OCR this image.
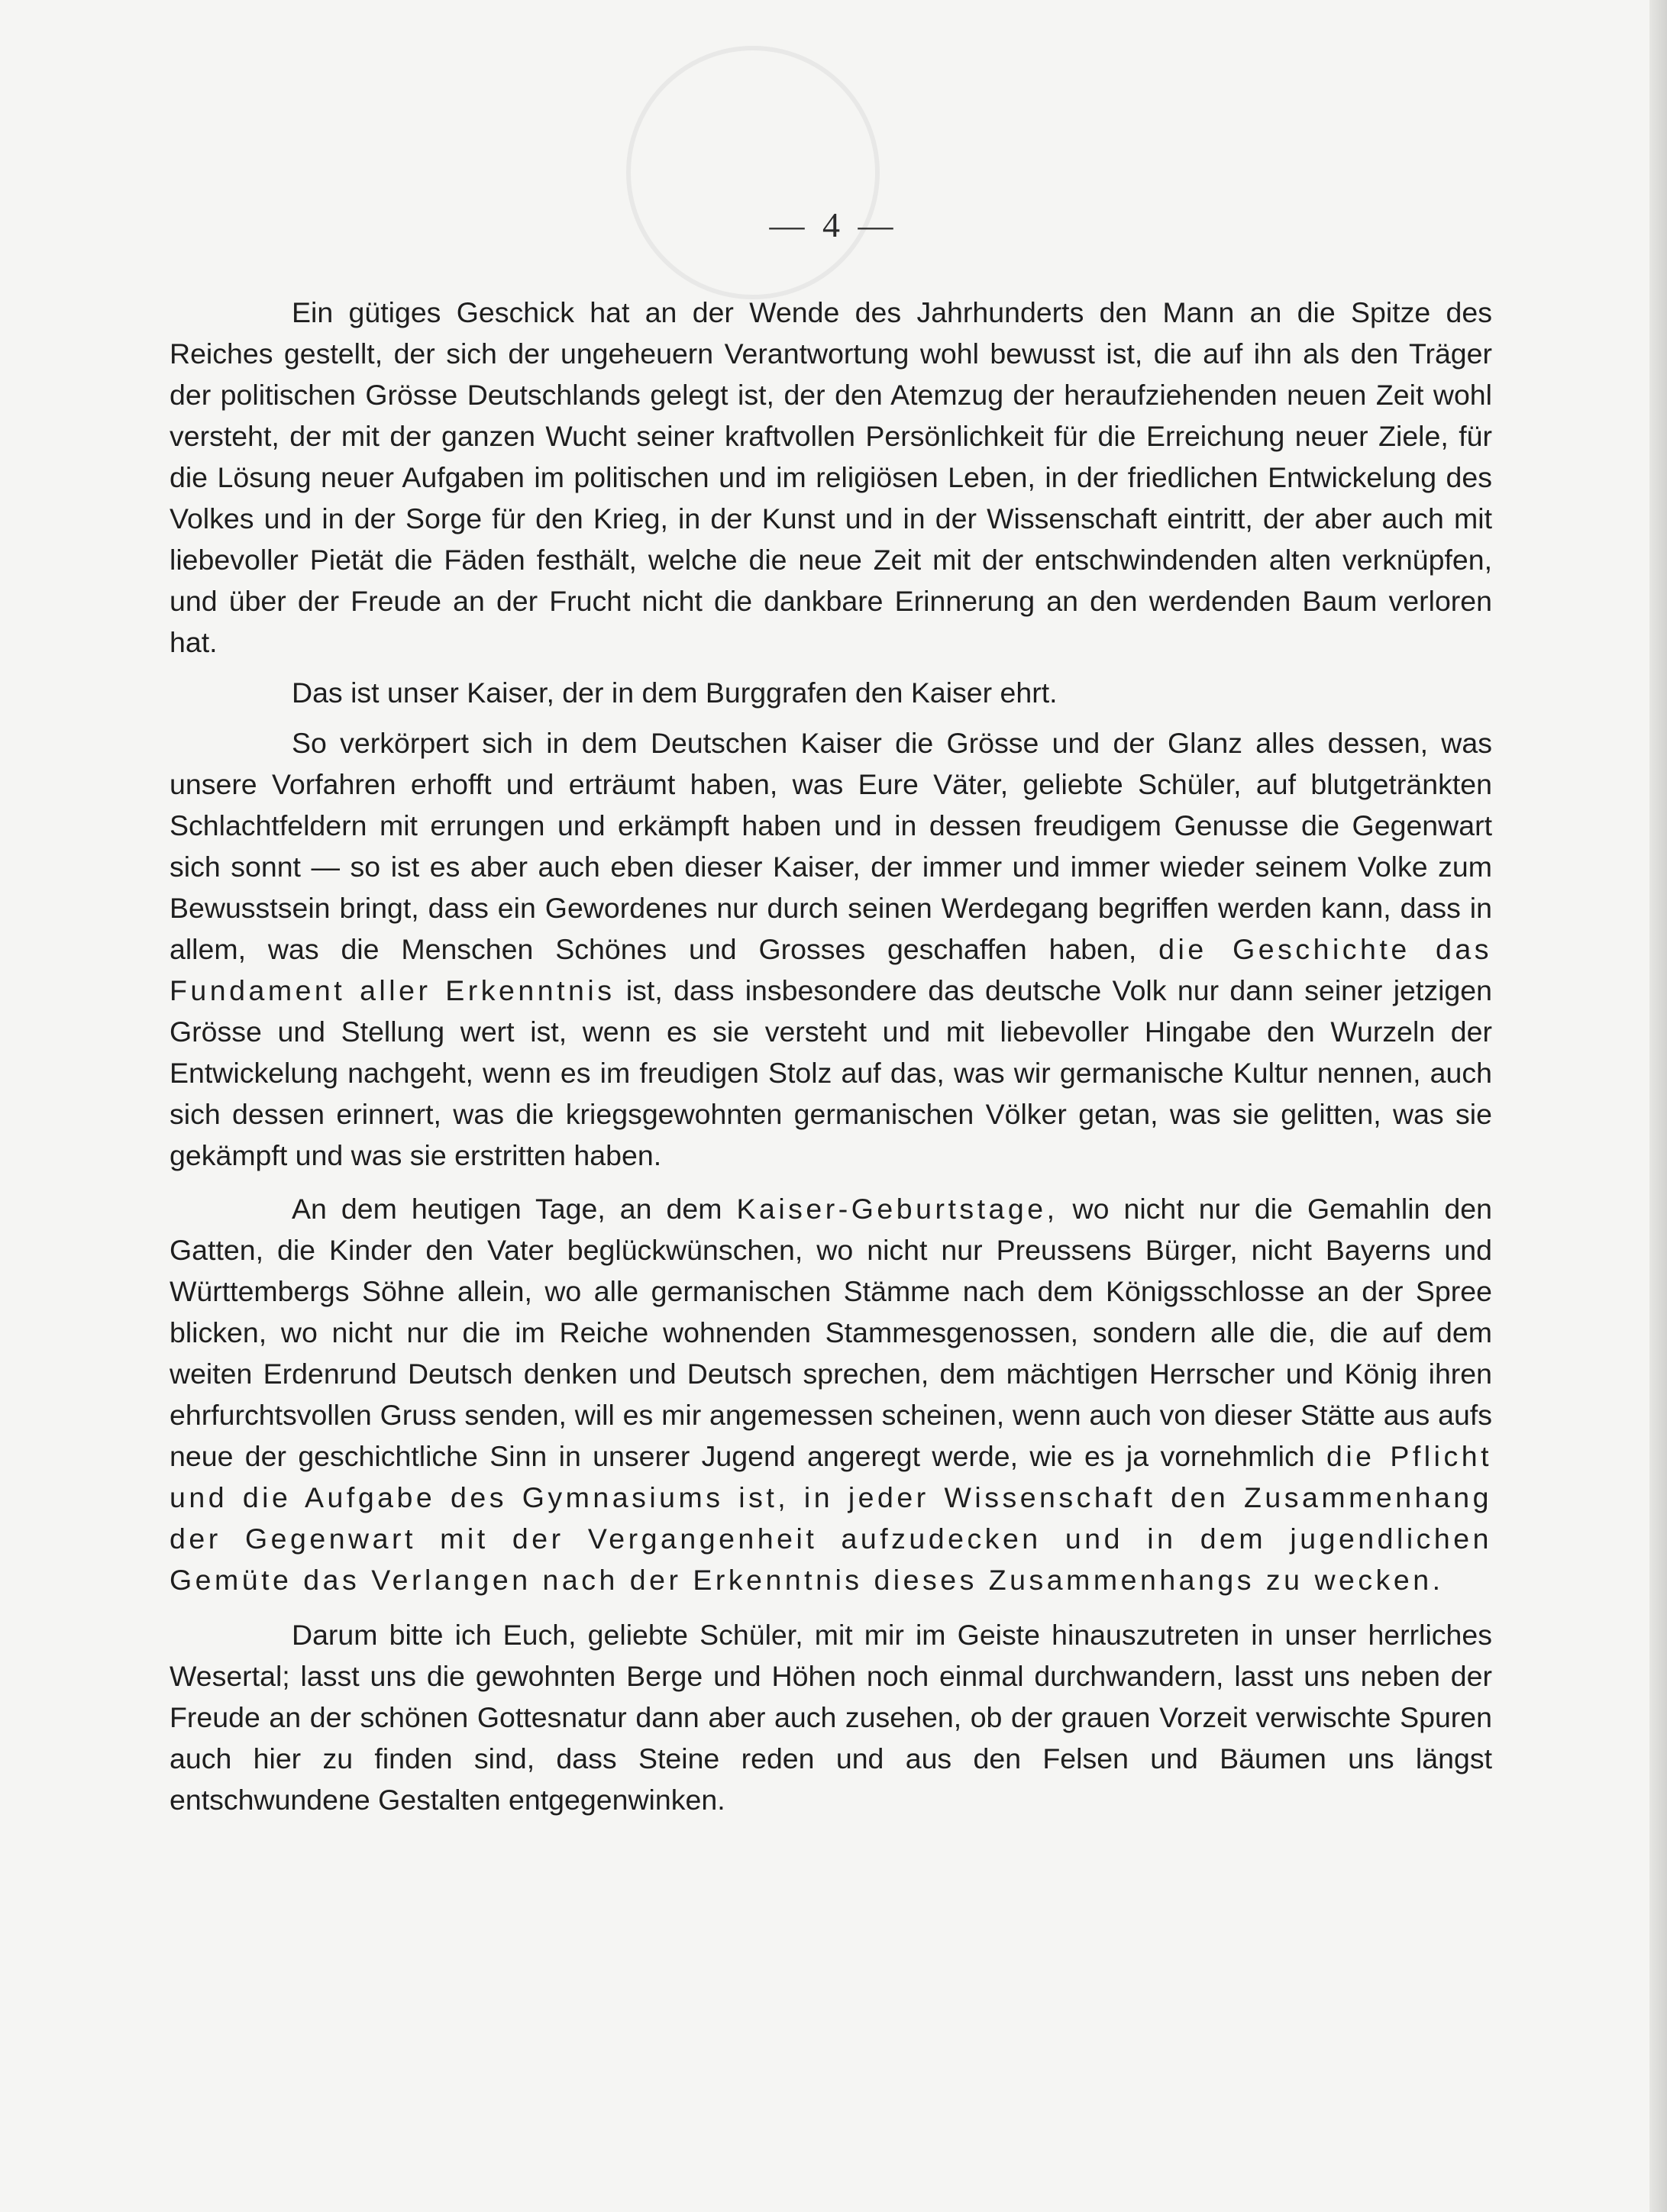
— 4 —

Ein gütiges Geschick hat an der Wende des Jahrhunderts den Mann an die Spitze des Reiches gestellt, der sich der ungeheuern Verantwortung wohl bewusst ist, die auf ihn als den Träger der politischen Grösse Deutschlands gelegt ist, der den Atemzug der heraufziehenden neuen Zeit wohl versteht, der mit der ganzen Wucht seiner kraftvollen Persönlichkeit für die Erreichung neuer Ziele, für die Lösung neuer Aufgaben im politischen und im religiösen Leben, in der friedlichen Entwickelung des Volkes und in der Sorge für den Krieg, in der Kunst und in der Wissenschaft eintritt, der aber auch mit liebevoller Pietät die Fäden festhält, welche die neue Zeit mit der entschwindenden alten verknüpfen, und über der Freude an der Frucht nicht die dankbare Erinnerung an den werdenden Baum verloren hat.

Das ist unser Kaiser, der in dem Burggrafen den Kaiser ehrt.

So verkörpert sich in dem Deutschen Kaiser die Grösse und der Glanz alles dessen, was unsere Vorfahren erhofft und erträumt haben, was Eure Väter, geliebte Schüler, auf blutgetränkten Schlachtfeldern mit errungen und erkämpft haben und in dessen freudigem Genusse die Gegenwart sich sonnt — so ist es aber auch eben dieser Kaiser, der immer und immer wieder seinem Volke zum Bewusstsein bringt, dass ein Gewordenes nur durch seinen Werdegang begriffen werden kann, dass in allem, was die Menschen Schönes und Grosses geschaffen haben, die Geschichte das Fundament aller Erkenntnis ist, dass insbesondere das deutsche Volk nur dann seiner jetzigen Grösse und Stellung wert ist, wenn es sie versteht und mit liebevoller Hingabe den Wurzeln der Entwickelung nachgeht, wenn es im freudigen Stolz auf das, was wir germanische Kultur nennen, auch sich dessen erinnert, was die kriegsgewohnten germanischen Völker getan, was sie gelitten, was sie gekämpft und was sie erstritten haben.

An dem heutigen Tage, an dem Kaiser-Geburtstage, wo nicht nur die Gemahlin den Gatten, die Kinder den Vater beglückwünschen, wo nicht nur Preussens Bürger, nicht Bayerns und Württembergs Söhne allein, wo alle germanischen Stämme nach dem Königsschlosse an der Spree blicken, wo nicht nur die im Reiche wohnenden Stammesgenossen, sondern alle die, die auf dem weiten Erdenrund Deutsch denken und Deutsch sprechen, dem mächtigen Herrscher und König ihren ehrfurchtsvollen Gruss senden, will es mir angemessen scheinen, wenn auch von dieser Stätte aus aufs neue der geschichtliche Sinn in unserer Jugend angeregt werde, wie es ja vornehmlich die Pflicht und die Aufgabe des Gymnasiums ist, in jeder Wissenschaft den Zusammenhang der Gegenwart mit der Vergangenheit aufzudecken und in dem jugendlichen Gemüte das Verlangen nach der Erkenntnis dieses Zusammenhangs zu wecken.

Darum bitte ich Euch, geliebte Schüler, mit mir im Geiste hinauszutreten in unser herrliches Wesertal; lasst uns die gewohnten Berge und Höhen noch einmal durchwandern, lasst uns neben der Freude an der schönen Gottesnatur dann aber auch zusehen, ob der grauen Vorzeit verwischte Spuren auch hier zu finden sind, dass Steine reden und aus den Felsen und Bäumen uns längst entschwundene Gestalten entgegenwinken.
